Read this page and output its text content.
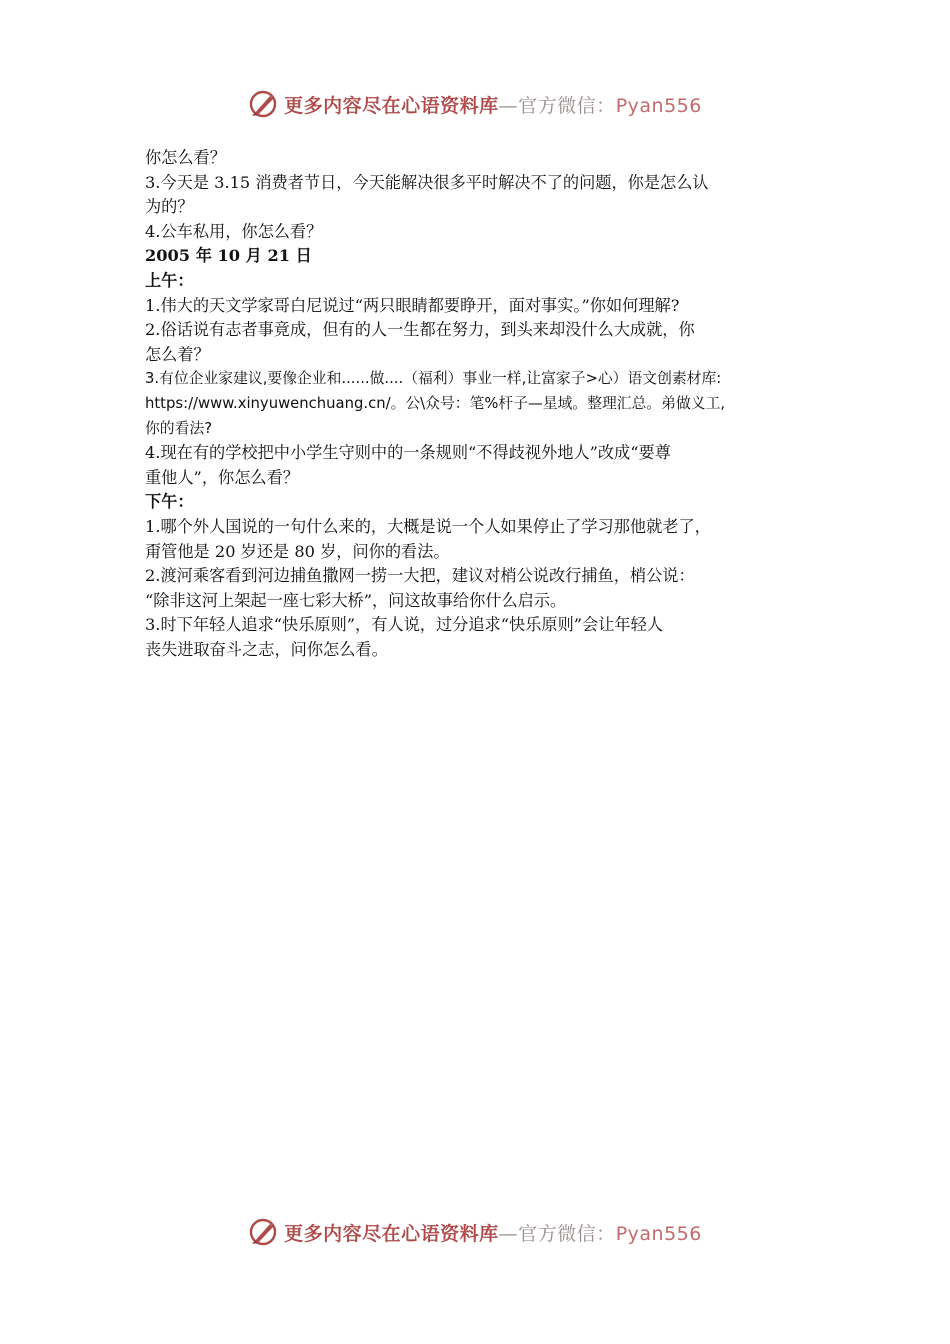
更多内容尽在心语资料库—官方微信：Pyan556

你怎么看？

3.今天是 3.15 消费者节日，今天能解决很多平时解决不了的问题，你是怎么认

为的？

4.公车私用，你怎么看？

2005 年 10 月 21 日

上午：

1.伟大的天文学家哥白尼说过“两只眼睛都要睁开，面对事实。”你如何理解?

2.俗话说有志者事竟成，但有的人一生都在努力，到头来却没什么大成就，你

怎么着？

3.有位企业家建议,要像企业和......做....（福利）事业一样,让富家子>心）语文创素材库:

https://www.xinyuwenchuang.cn/。公\众号：笔%杆子—星域。整理汇总。弟做义工,

你的看法?

4.现在有的学校把中小学生守则中的一条规则“不得歧视外地人”改成“要尊

重他人”，你怎么看？

下午：

1.哪个外人国说的一句什么来的，大概是说一个人如果停止了学习那他就老了，

甭管他是 20 岁还是 80 岁，问你的看法。

2.渡河乘客看到河边捕鱼撒网一捞一大把，建议对梢公说改行捕鱼，梢公说：

“除非这河上架起一座七彩大桥”，问这故事给你什么启示。

3.时下年轻人追求“快乐原则”，有人说，过分追求“快乐原则”会让年轻人

丧失进取奋斗之志，问你怎么看。

更多内容尽在心语资料库—官方微信：Pyan556
